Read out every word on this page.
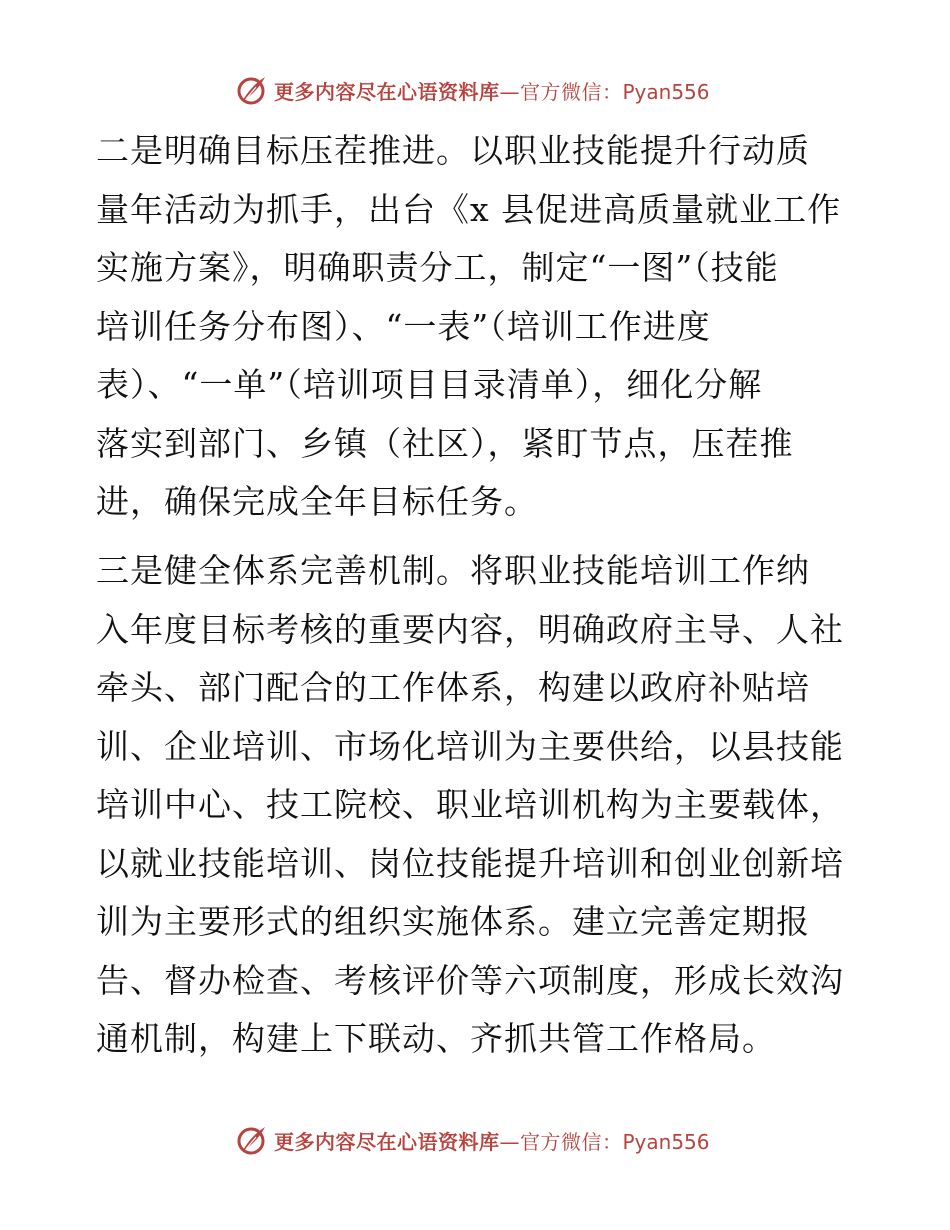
更多内容尽在心语资料库—官方微信：Pyan556
二是明确目标压茬推进。以职业技能提升行动质
量年活动为抓手，出台《x 县促进高质量就业工作
实施方案》，明确职责分工，制定“一图”（技能
培训任务分布图）、“一表”（培训工作进度
表）、“一单”（培训项目目录清单），细化分解
落实到部门、乡镇（社区），紧盯节点，压茬推
进，确保完成全年目标任务。
三是健全体系完善机制。将职业技能培训工作纳
入年度目标考核的重要内容，明确政府主导、人社
牵头、部门配合的工作体系，构建以政府补贴培
训、企业培训、市场化培训为主要供给，以县技能
培训中心、技工院校、职业培训机构为主要载体，
以就业技能培训、岗位技能提升培训和创业创新培
训为主要形式的组织实施体系。建立完善定期报
告、督办检查、考核评价等六项制度，形成长效沟
通机制，构建上下联动、齐抓共管工作格局。
更多内容尽在心语资料库—官方微信：Pyan556
